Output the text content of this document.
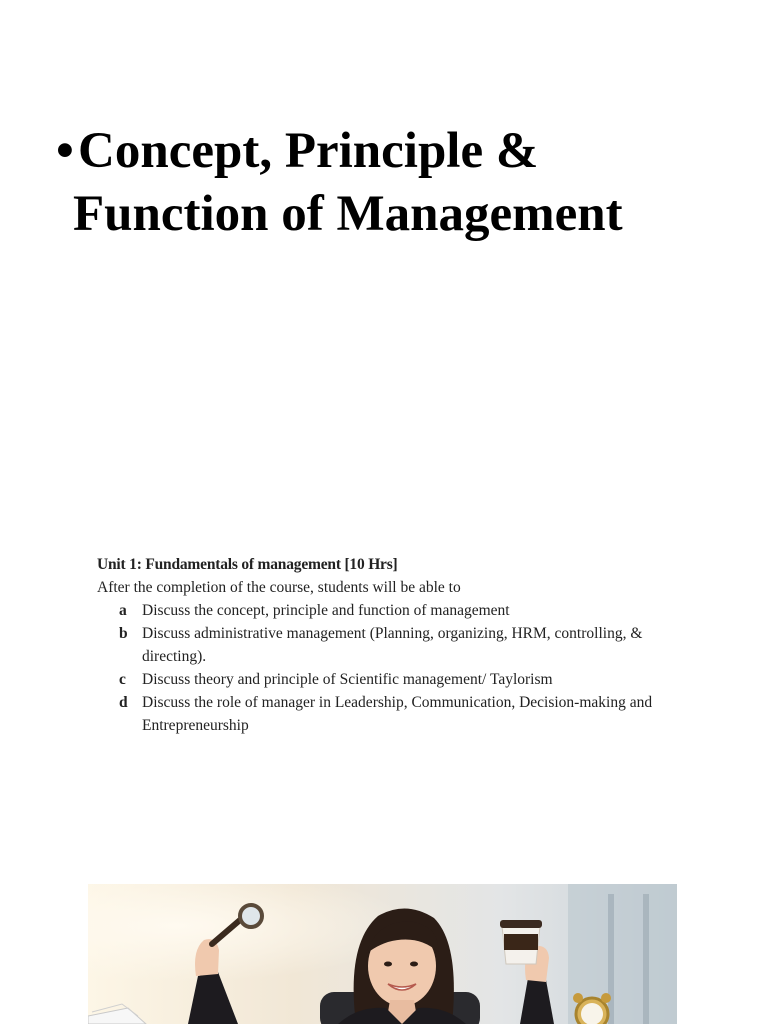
•Concept, Principle &
Function of Management
Unit 1: Fundamentals of management [10 Hrs]

After the completion of the course, students will be able to

a Discuss the concept, principle and function of management
b Discuss administrative management (Planning, organizing, HRM, controlling, & directing).
c	Discuss theory and principle of Scientific management/ Taylorism
d Discuss the role of manager in Leadership, Communication, Decision-making and Entrepreneurship
